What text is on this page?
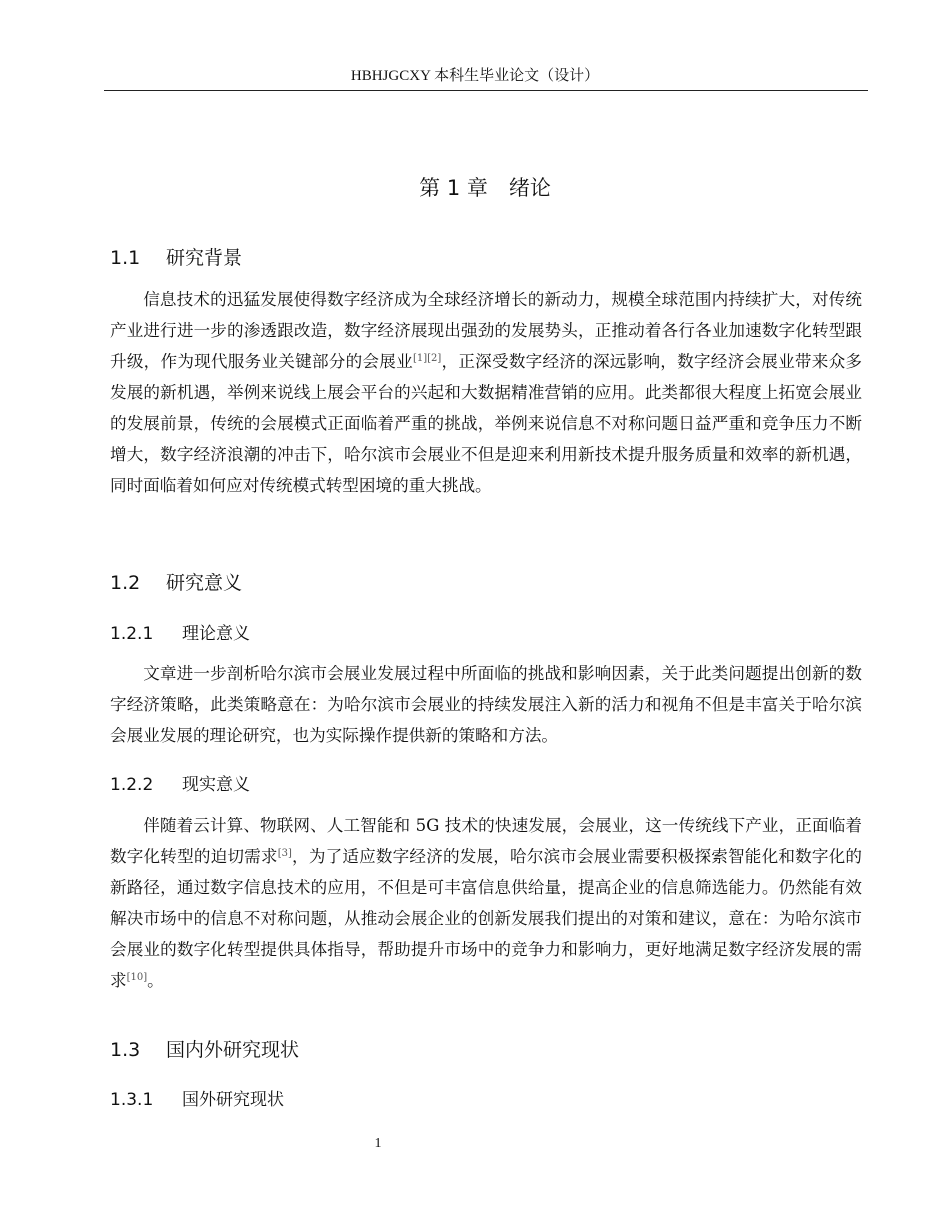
HBHJGCXY 本科生毕业论文（设计）
第 1 章　绪论
1.1 研究背景
信息技术的迅猛发展使得数字经济成为全球经济增长的新动力，规模全球范围内持续扩大，对传统产业进行进一步的渗透跟改造，数字经济展现出强劲的发展势头，正推动着各行各业加速数字化转型跟升级，作为现代服务业关键部分的会展业[1][2]，正深受数字经济的深远影响，数字经济会展业带来众多发展的新机遇，举例来说线上展会平台的兴起和大数据精准营销的应用。此类都很大程度上拓宽会展业的发展前景，传统的会展模式正面临着严重的挑战，举例来说信息不对称问题日益严重和竞争压力不断增大，数字经济浪潮的冲击下，哈尔滨市会展业不但是迎来利用新技术提升服务质量和效率的新机遇，同时面临着如何应对传统模式转型困境的重大挑战。
1.2 研究意义
1.2.1 理论意义
文章进一步剖析哈尔滨市会展业发展过程中所面临的挑战和影响因素，关于此类问题提出创新的数字经济策略，此类策略意在：为哈尔滨市会展业的持续发展注入新的活力和视角不但是丰富关于哈尔滨会展业发展的理论研究，也为实际操作提供新的策略和方法。
1.2.2 现实意义
伴随着云计算、物联网、人工智能和 5G 技术的快速发展，会展业，这一传统线下产业，正面临着数字化转型的迫切需求[3]，为了适应数字经济的发展，哈尔滨市会展业需要积极探索智能化和数字化的新路径，通过数字信息技术的应用，不但是可丰富信息供给量，提高企业的信息筛选能力。仍然能有效解决市场中的信息不对称问题，从推动会展企业的创新发展我们提出的对策和建议，意在：为哈尔滨市会展业的数字化转型提供具体指导，帮助提升市场中的竞争力和影响力，更好地满足数字经济发展的需求[10]。
1.3 国内外研究现状
1.3.1 国外研究现状
1
